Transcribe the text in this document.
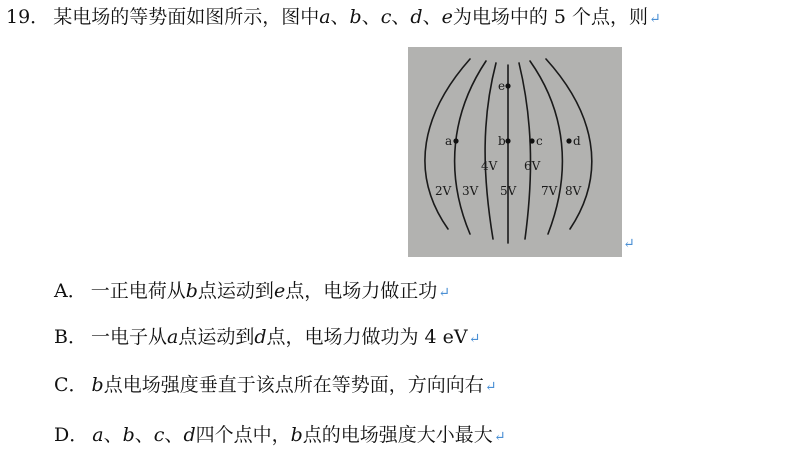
19． 某电场的等势面如图所示，图中a、b、c、d、e为电场中的 5 个点，则↵
e
a	b	c	d
4V 6V
2V 3V 5V 7V 8V
↵
A． 一正电荷从b点运动到e点，电场力做正功↵
B． 一电子从a点运动到d点，电场力做功为 4 eV↵
C． b点电场强度垂直于该点所在等势面，方向向右↵
D． a、b、c、d四个点中，b点的电场强度大小最大↵
